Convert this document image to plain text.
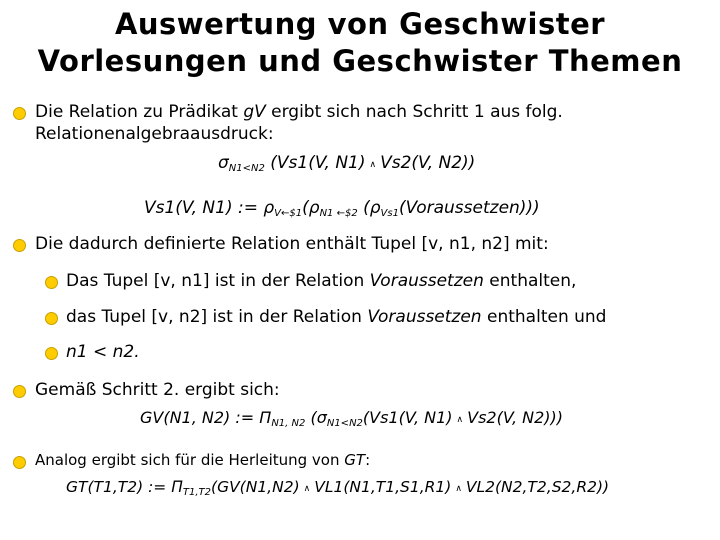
Auswertung von Geschwister
Vorlesungen und Geschwister Themen
Die Relation zu Prädikat gV ergibt sich nach Schritt 1 aus folg.
Relationenalgebraausdruck:
$\sigma_{N1<N2}$ (Vs1(V, N1) ∧ Vs2(V, N2))
Vs1(V, N1) := $\rho_{V\leftarrow\$1}(\rho_{N1 \leftarrow\$2}$ $(\rho_{Vs1}(Voraussetzen))$)
Die dadurch definierte Relation enthält Tupel [v, n1, n2] mit:
Das Tupel [v, n1] ist in der Relation Voraussetzen enthalten,
das Tupel [v, n2] ist in der Relation Voraussetzen enthalten und
n1 < n2.
Gemäß Schritt 2. ergibt sich:
GV(N1, N2) := $\Pi_{N1, N2}$ ($\sigma_{N1<N2}(Vs1(V$, N1) ∧ Vs2(V, N2)))
Analog ergibt sich für die Herleitung von GT:
GT(T1,T2) := $\Pi_{T1,T2}(GV(N1,N2)$ ∧ VL1(N1,T1,S1,R1) ∧ VL2(N2,T2,S2,R2))
